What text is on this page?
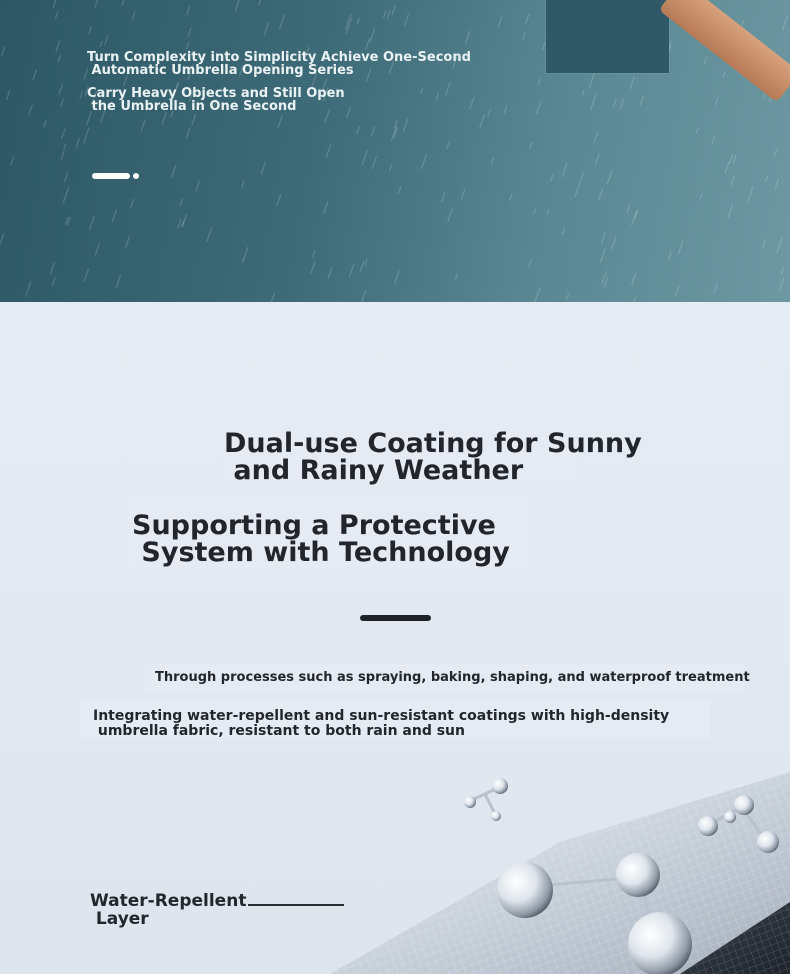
Turn Complexity into Simplicity Achieve One-Second
Automatic Umbrella Opening Series
Carry Heavy Objects and Still Open
the Umbrella in One Second
Dual-use Coating for Sunny
and Rainy Weather
Supporting a Protective
System with Technology
Through processes such as spraying, baking, shaping, and waterproof treatment
Integrating water-repellent and sun-resistant coatings with high-density
umbrella fabric, resistant to both rain and sun
Water-Repellent
Layer
